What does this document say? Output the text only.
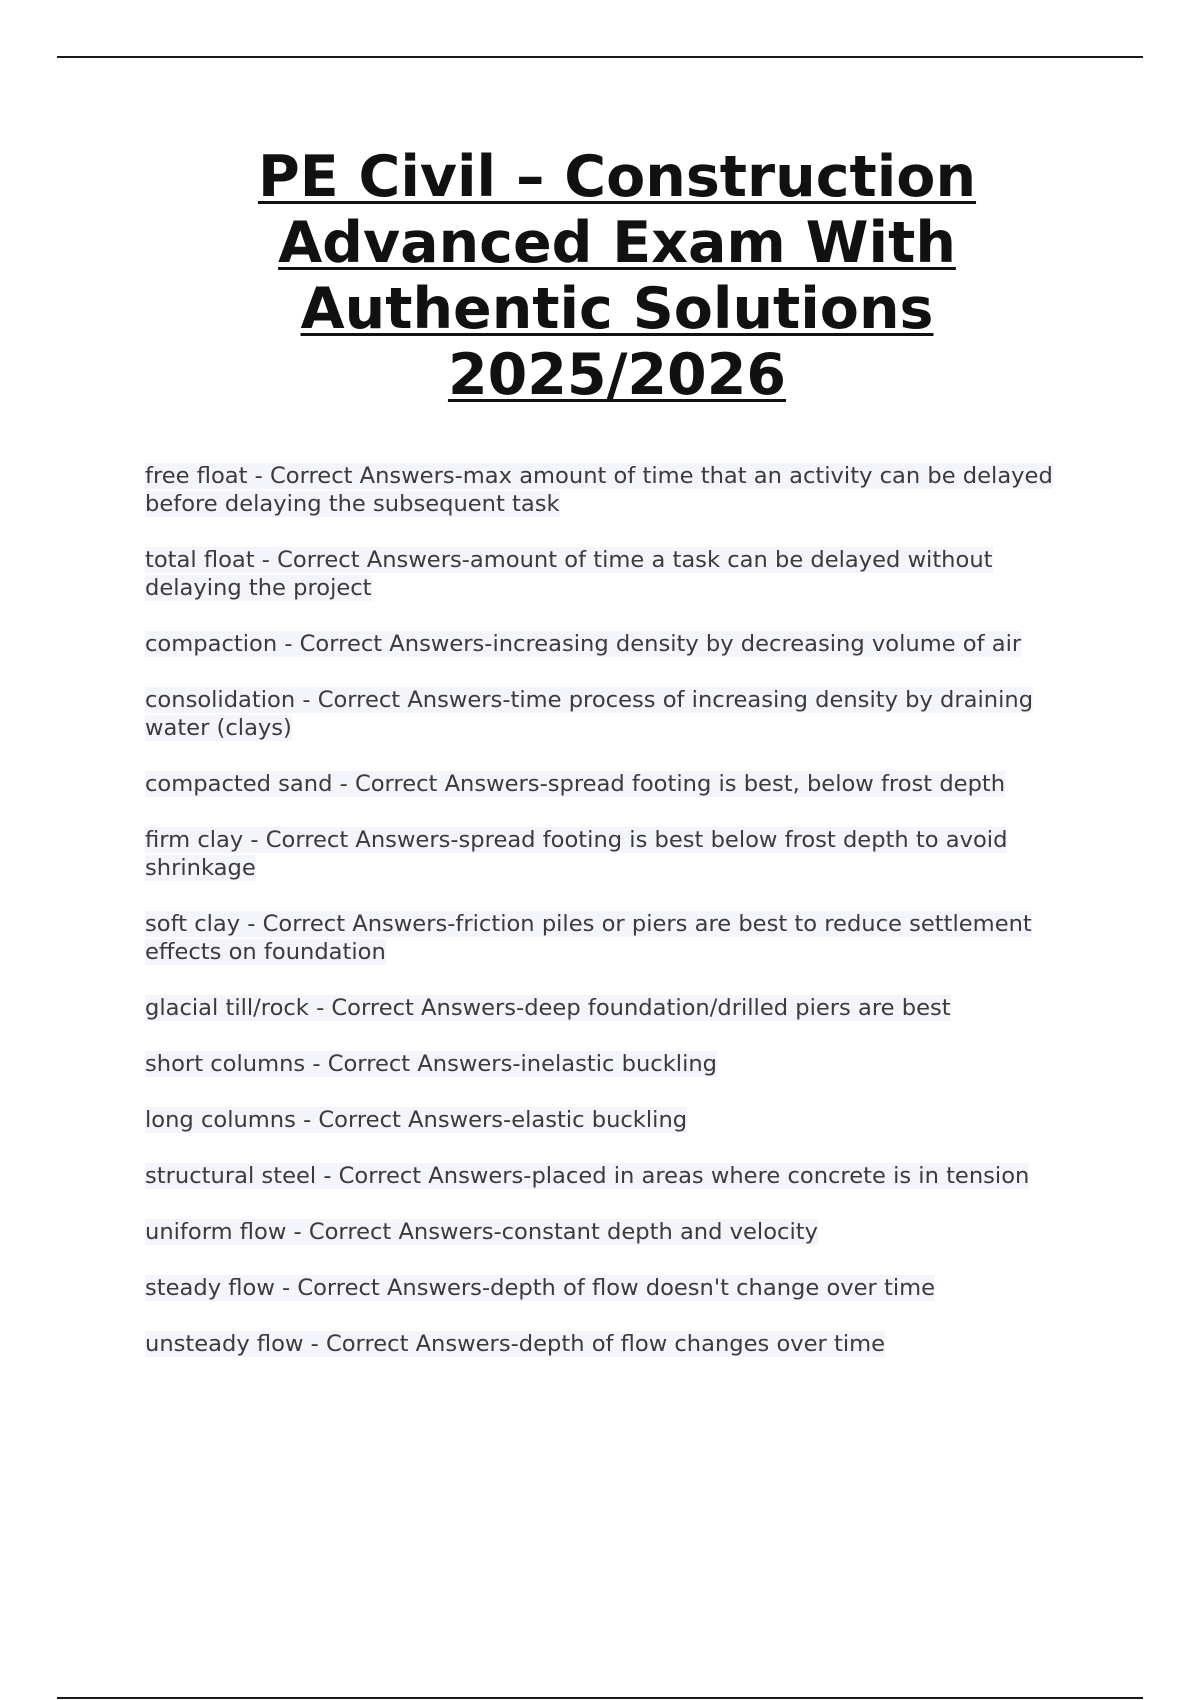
PE Civil – Construction Advanced Exam With Authentic Solutions 2025/2026
free float - Correct Answers-max amount of time that an activity can be delayed before delaying the subsequent task
total float - Correct Answers-amount of time a task can be delayed without delaying the project
compaction - Correct Answers-increasing density by decreasing volume of air
consolidation - Correct Answers-time process of increasing density by draining water (clays)
compacted sand - Correct Answers-spread footing is best, below frost depth
firm clay - Correct Answers-spread footing is best below frost depth to avoid shrinkage
soft clay - Correct Answers-friction piles or piers are best to reduce settlement effects on foundation
glacial till/rock - Correct Answers-deep foundation/drilled piers are best
short columns - Correct Answers-inelastic buckling
long columns - Correct Answers-elastic buckling
structural steel - Correct Answers-placed in areas where concrete is in tension
uniform flow - Correct Answers-constant depth and velocity
steady flow - Correct Answers-depth of flow doesn't change over time
unsteady flow - Correct Answers-depth of flow changes over time
